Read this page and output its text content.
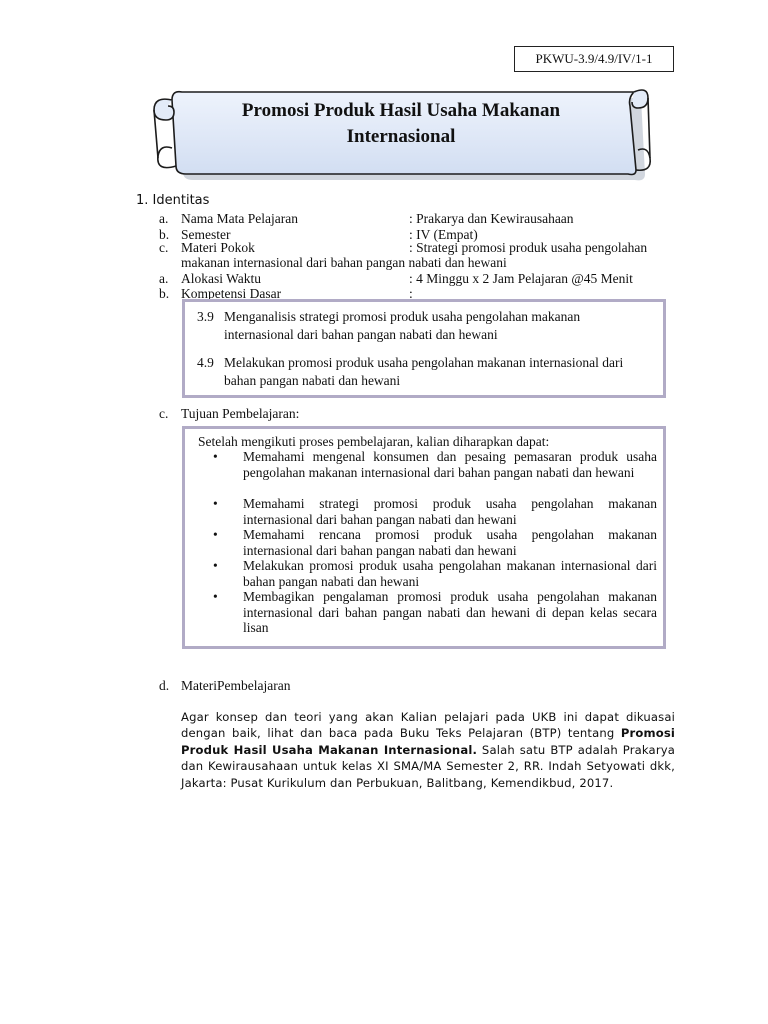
PKWU-3.9/4.9/IV/1-1
Promosi Produk Hasil Usaha Makanan
Internasional
1. Identitas
a. Nama Mata Pelajaran	: Prakarya dan Kewirausahaan
b. Semester	: IV (Empat)
c. Materi Pokok	: Strategi promosi produk usaha pengolahan
makanan internasional dari bahan pangan nabati dan hewani
a. Alokasi Waktu	: 4 Minggu x 2 Jam Pelajaran @45 Menit
b. Kompetensi Dasar	:
3.9 Menganalisis strategi promosi produk usaha pengolahan makanan internasional dari bahan pangan nabati dan hewani
4.9 Melakukan promosi produk usaha pengolahan makanan internasional dari bahan pangan nabati dan hewani
c. Tujuan Pembelajaran:
Setelah mengikuti proses pembelajaran, kalian diharapkan dapat:
• Memahami mengenal konsumen dan pesaing pemasaran produk usaha pengolahan makanan internasional dari bahan pangan nabati dan hewani
• Memahami strategi promosi produk usaha pengolahan makanan internasional dari bahan pangan nabati dan hewani
• Memahami rencana promosi produk usaha pengolahan makanan internasional dari bahan pangan nabati dan hewani
• Melakukan promosi produk usaha pengolahan makanan internasional dari bahan pangan nabati dan hewani
• Membagikan pengalaman promosi produk usaha pengolahan makanan internasional dari bahan pangan nabati dan hewani di depan kelas secara lisan
d. MateriPembelajaran
Agar konsep dan teori yang akan Kalian pelajari pada UKB ini dapat dikuasai dengan baik, lihat dan baca pada Buku Teks Pelajaran (BTP) tentang Promosi Produk Hasil Usaha Makanan Internasional. Salah satu BTP adalah Prakarya dan Kewirausahaan untuk kelas XI SMA/MA Semester 2, RR. Indah Setyowati dkk, Jakarta: Pusat Kurikulum dan Perbukuan, Balitbang, Kemendikbud, 2017.
